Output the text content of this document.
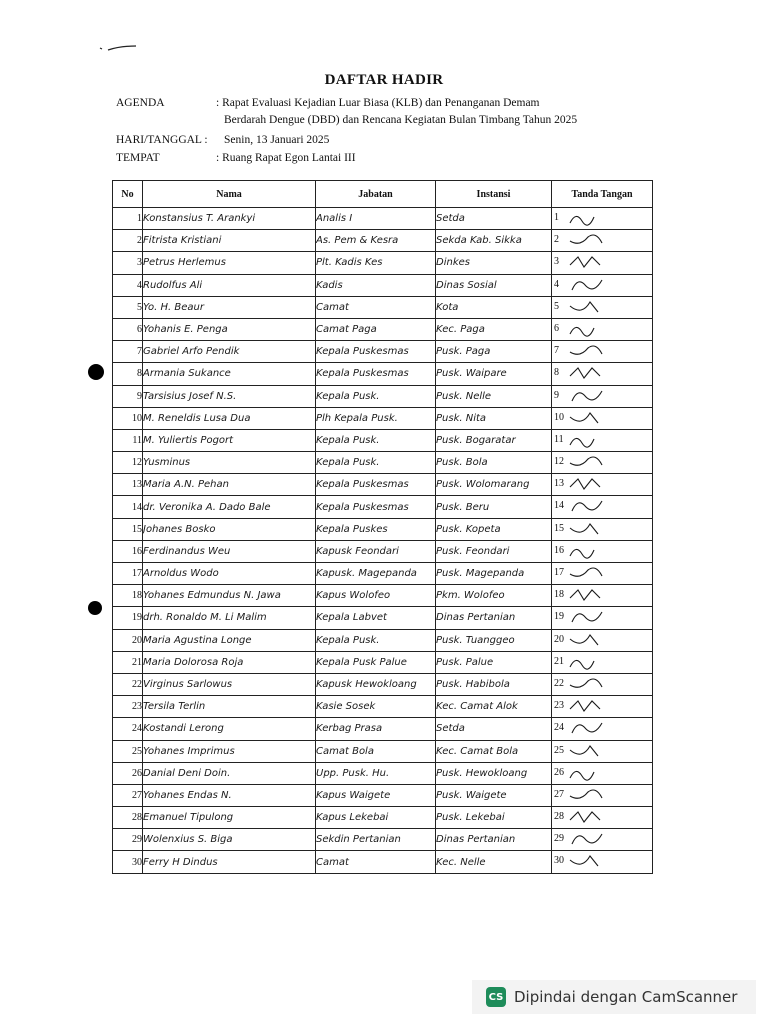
DAFTAR HADIR
AGENDA	: Rapat Evaluasi Kejadian Luar Biasa (KLB) dan Penanganan Demam
Berdarah Dengue (DBD) dan Rencana Kegiatan Bulan Timbang Tahun 2025
HARI/TANGGAL :	Senin, 13 Januari 2025
TEMPAT	: Ruang Rapat Egon Lantai III
No	Nama	Jabatan	Instansi	Tanda Tangan
1	Konstansius T. Arankyi	Analis I	Setda	1

2	Fitrista Kristiani	As. Pem & Kesra	Sekda Kab. Sikka	2

3	Petrus Herlemus	Plt. Kadis Kes	Dinkes	3

4	Rudolfus Ali	Kadis	Dinas Sosial	4

5	Yo. H. Beaur	Camat	Kota	5

6	Yohanis E. Penga	Camat Paga	Kec. Paga	6

7	Gabriel Arfo Pendik	Kepala Puskesmas	Pusk. Paga	7

8	Armania Sukance	Kepala Puskesmas	Pusk. Waipare	8

9	Tarsisius Josef N.S.	Kepala Pusk.	Pusk. Nelle	9

10	M. Reneldis Lusa Dua	Plh Kepala Pusk.	Pusk. Nita	10

11	M. Yuliertis Pogort	Kepala Pusk.	Pusk. Bogaratar	11

12	Yusminus	Kepala Pusk.	Pusk. Bola	12

13	Maria A.N. Pehan	Kepala Puskesmas	Pusk. Wolomarang	13

14	dr. Veronika A. Dado Bale	Kepala Puskesmas	Pusk. Beru	14

15	Johanes Bosko	Kepala Puskes	Pusk. Kopeta	15

16	Ferdinandus Weu	Kapusk Feondari	Pusk. Feondari	16

17	Arnoldus Wodo	Kapusk. Magepanda	Pusk. Magepanda	17

18	Yohanes Edmundus N. Jawa	Kapus Wolofeo	Pkm. Wolofeo	18

19	drh. Ronaldo M. Li Malim	Kepala Labvet	Dinas Pertanian	19

20	Maria Agustina Longe	Kepala Pusk.	Pusk. Tuanggeo	20

21	Maria Dolorosa Roja	Kepala Pusk Palue	Pusk. Palue	21

22	Virginus Sarlowus	Kapusk Hewokloang	Pusk. Habibola	22

23	Tersila Terlin	Kasie Sosek	Kec. Camat Alok	23

24	Kostandi Lerong	Kerbag Prasa	Setda	24

25	Yohanes Imprimus	Camat Bola	Kec. Camat Bola	25

26	Danial Deni Doin.	Upp. Pusk. Hu.	Pusk. Hewokloang	26

27	Yohanes Endas N.	Kapus Waigete	Pusk. Waigete	27

28	Emanuel Tipulong	Kapus Lekebai	Pusk. Lekebai	28

29	Wolenxius S. Biga	Sekdin Pertanian	Dinas Pertanian	29

30	Ferry H Dindus	Camat	Kec. Nelle	30
CS Dipindai dengan CamScanner
